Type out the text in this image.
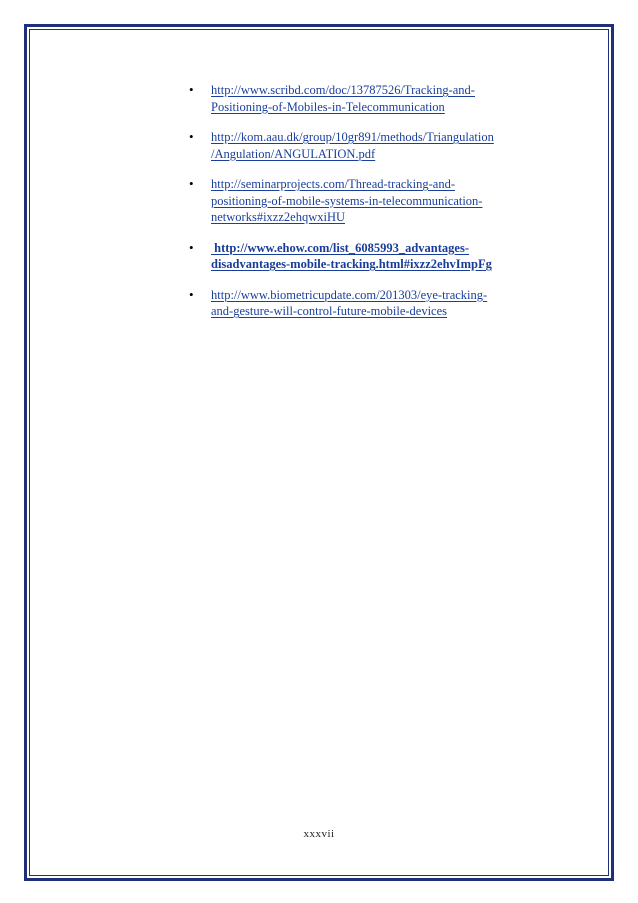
•	http://www.scribd.com/doc/13787526/Tracking-and-
Positioning-of-Mobiles-in-Telecommunication
•	http://kom.aau.dk/group/10gr891/methods/Triangulation
/Angulation/ANGULATION.pdf
•	http://seminarprojects.com/Thread-tracking-and-
positioning-of-mobile-systems-in-telecommunication-
networks#ixzz2ehqwxiHU
•	http://www.ehow.com/list_6085993_advantages-
disadvantages-mobile-tracking.html#ixzz2ehvImpFg
•	http://www.biometricupdate.com/201303/eye-tracking-
and-gesture-will-control-future-mobile-devices
xxxvii
